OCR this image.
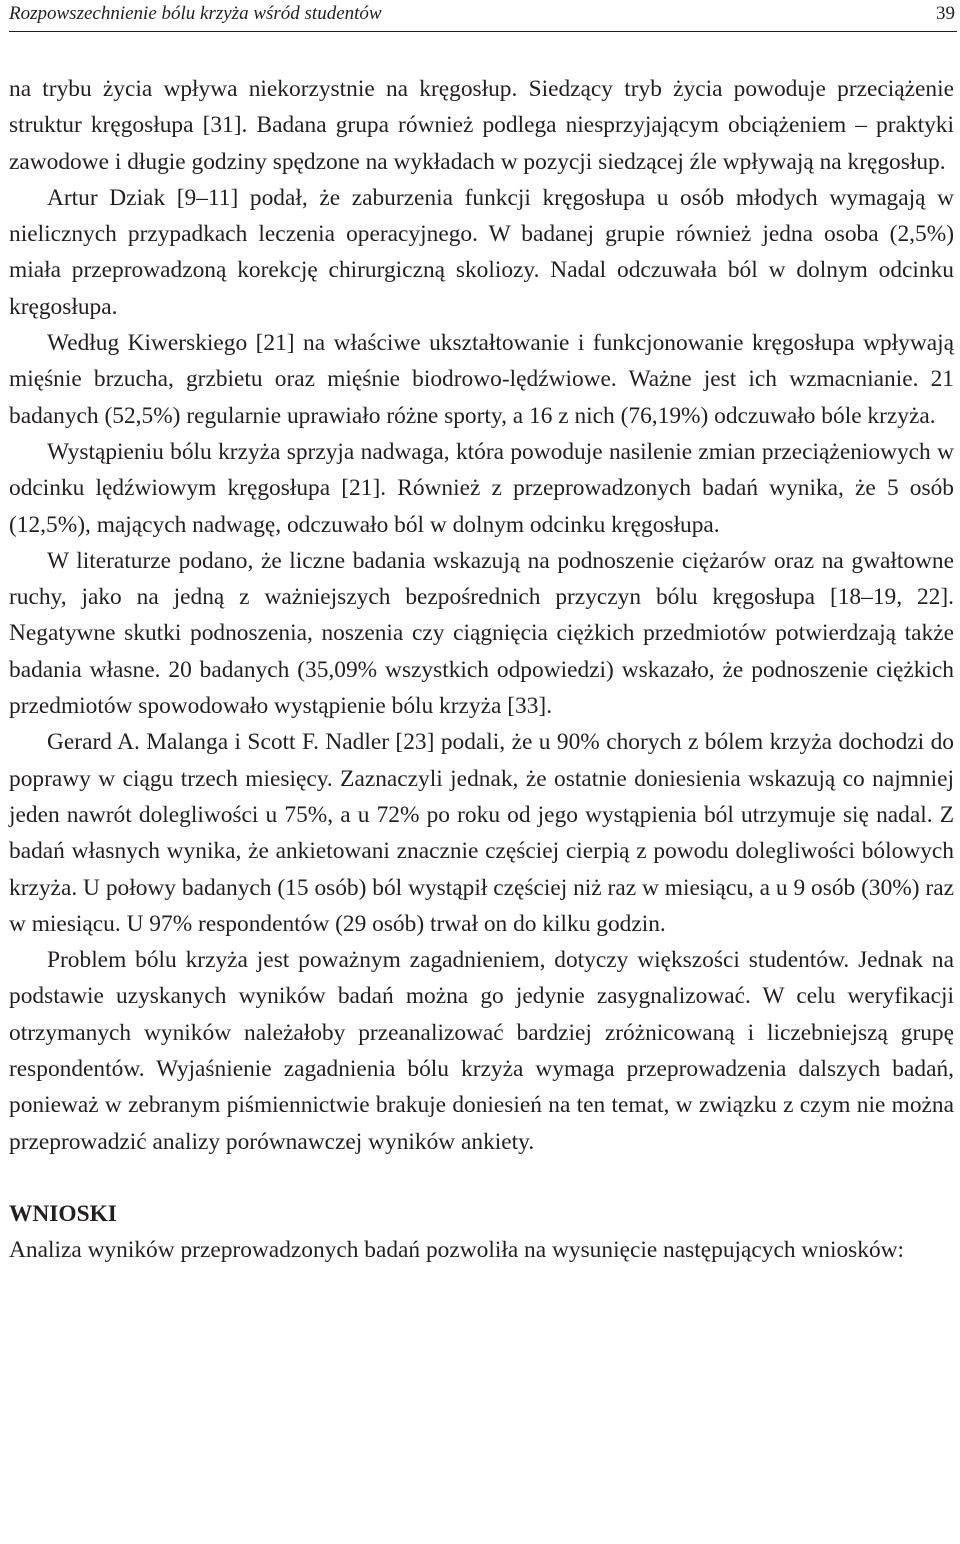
Rozpowszechnienie bólu krzyża wśród studentów	39

na trybu życia wpływa niekorzystnie na kręgosłup. Siedzący tryb życia powoduje przeciążenie struktur kręgosłupa [31]. Badana grupa również podlega niesprzyjającym obciążeniem – praktyki zawodowe i długie godziny spędzone na wykładach w pozycji siedzącej źle wpływają na kręgosłup.

Artur Dziak [9–11] podał, że zaburzenia funkcji kręgosłupa u osób młodych wymagają w nielicznych przypadkach leczenia operacyjnego. W badanej grupie również jedna osoba (2,5%) miała przeprowadzoną korekcję chirurgiczną skoliozy. Nadal odczuwała ból w dolnym odcinku kręgosłupa.

Według Kiwerskiego [21] na właściwe ukształtowanie i funkcjonowanie kręgosłupa wpływają mięśnie brzucha, grzbietu oraz mięśnie biodrowo-lędźwiowe. Ważne jest ich wzmacnianie. 21 badanych (52,5%) regularnie uprawiało różne sporty, a 16 z nich (76,19%) odczuwało bóle krzyża.

Wystąpieniu bólu krzyża sprzyja nadwaga, która powoduje nasilenie zmian przeciążeniowych w odcinku lędźwiowym kręgosłupa [21]. Również z przeprowadzonych badań wynika, że 5 osób (12,5%), mających nadwagę, odczuwało ból w dolnym odcinku kręgosłupa.

W literaturze podano, że liczne badania wskazują na podnoszenie ciężarów oraz na gwałtowne ruchy, jako na jedną z ważniejszych bezpośrednich przyczyn bólu kręgosłupa [18–19, 22]. Negatywne skutki podnoszenia, noszenia czy ciągnięcia ciężkich przedmiotów potwierdzają także badania własne. 20 badanych (35,09% wszystkich odpowiedzi) wskazało, że podnoszenie ciężkich przedmiotów spowodowało wystąpienie bólu krzyża [33].

Gerard A. Malanga i Scott F. Nadler [23] podali, że u 90% chorych z bólem krzyża dochodzi do poprawy w ciągu trzech miesięcy. Zaznaczyli jednak, że ostatnie doniesienia wskazują co najmniej jeden nawrót dolegliwości u 75%, a u 72% po roku od jego wystąpienia ból utrzymuje się nadal. Z badań własnych wynika, że ankietowani znacznie częściej cierpią z powodu dolegliwości bólowych krzyża. U połowy badanych (15 osób) ból wystąpił częściej niż raz w miesiącu, a u 9 osób (30%) raz w miesiącu. U 97% respondentów (29 osób) trwał on do kilku godzin.

Problem bólu krzyża jest poważnym zagadnieniem, dotyczy większości studentów. Jednak na podstawie uzyskanych wyników badań można go jedynie zasygnalizować. W celu weryfikacji otrzymanych wyników należałoby przeanalizować bardziej zróżnicowaną i liczebniejszą grupę respondentów. Wyjaśnienie zagadnienia bólu krzyża wymaga przeprowadzenia dalszych badań, ponieważ w zebranym piśmiennictwie brakuje doniesień na ten temat, w związku z czym nie można przeprowadzić analizy porównawczej wyników ankiety.

WNIOSKI

Analiza wyników przeprowadzonych badań pozwoliła na wysunięcie następujących wniosków:
